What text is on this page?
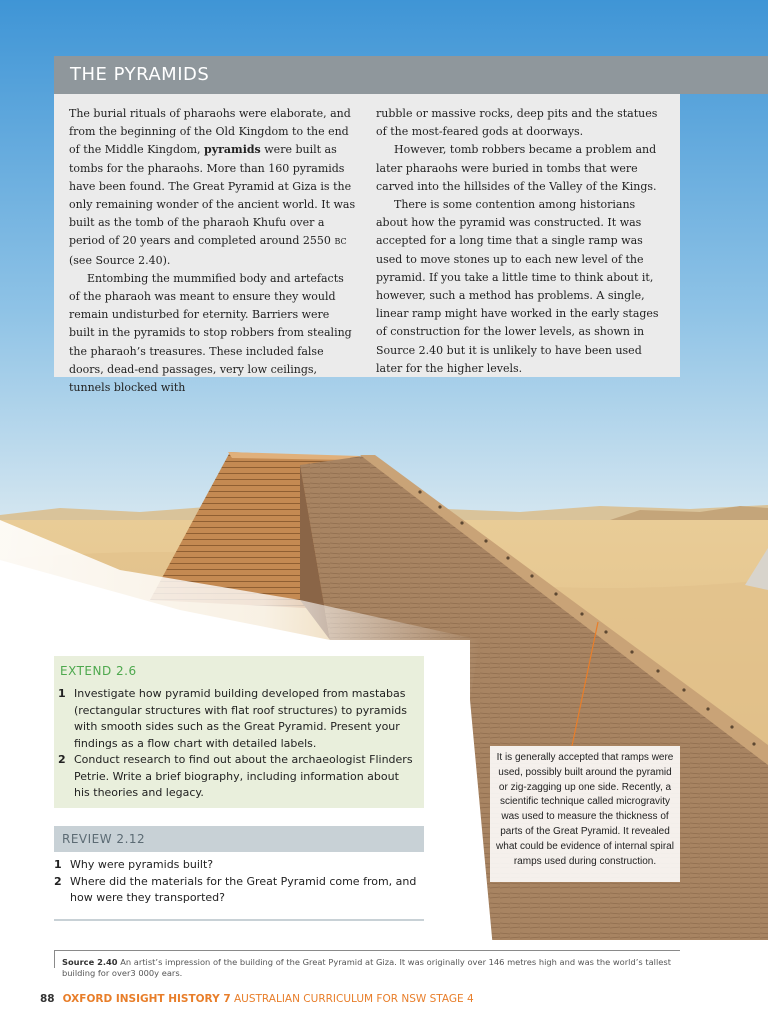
THE PYRAMIDS

The burial rituals of pharaohs were elaborate, and from the beginning of the Old Kingdom to the end of the Middle Kingdom, pyramids were built as tombs for the pharaohs. More than 160 pyramids have been found. The Great Pyramid at Giza is the only remaining wonder of the ancient world. It was built as the tomb of the pharaoh Khufu over a period of 20 years and completed around 2550 BC (see Source 2.40).

Entombing the mummified body and artefacts of the pharaoh was meant to ensure they would remain undisturbed for eternity. Barriers were built in the pyramids to stop robbers from stealing the pharaoh’s treasures. These included false doors, dead-end passages, very low ceilings, tunnels blocked with

rubble or massive rocks, deep pits and the statues of the most-feared gods at doorways.

However, tomb robbers became a problem and later pharaohs were buried in tombs that were carved into the hillsides of the Valley of the Kings.

There is some contention among historians about how the pyramid was constructed. It was accepted for a long time that a single ramp was used to move stones up to each new level of the pyramid. If you take a little time to think about it, however, such a method has problems. A single, linear ramp might have worked in the early stages of construction for the lower levels, as shown in Source 2.40 but it is unlikely to have been used later for the higher levels.

EXTEND 2.6
1 Investigate how pyramid building developed from mastabas (rectangular structures with flat roof structures) to pyramids with smooth sides such as the Great Pyramid. Present your findings as a flow chart with detailed labels.
2 Conduct research to find out about the archaeologist Flinders Petrie. Write a brief biography, including information about his theories and legacy.
REVIEW 2.12
1 Why were pyramids built?
2 Where did the materials for the Great Pyramid come from, and how were they transported?
It is generally accepted that ramps were used, possibly built around the pyramid or zig-zagging up one side. Recently, a scientific technique called microgravity was used to measure the thickness of parts of the Great Pyramid. It revealed what could be evidence of internal spiral ramps used during construction.
Source 2.40 An artist’s impression of the building of the Great Pyramid at Giza. It was originally over 146 metres high and was the world’s tallest building for over3 000y ears.
88 OXFORD INSIGHT HISTORY 7 AUSTRALIAN CURRICULUM FOR NSW STAGE 4
